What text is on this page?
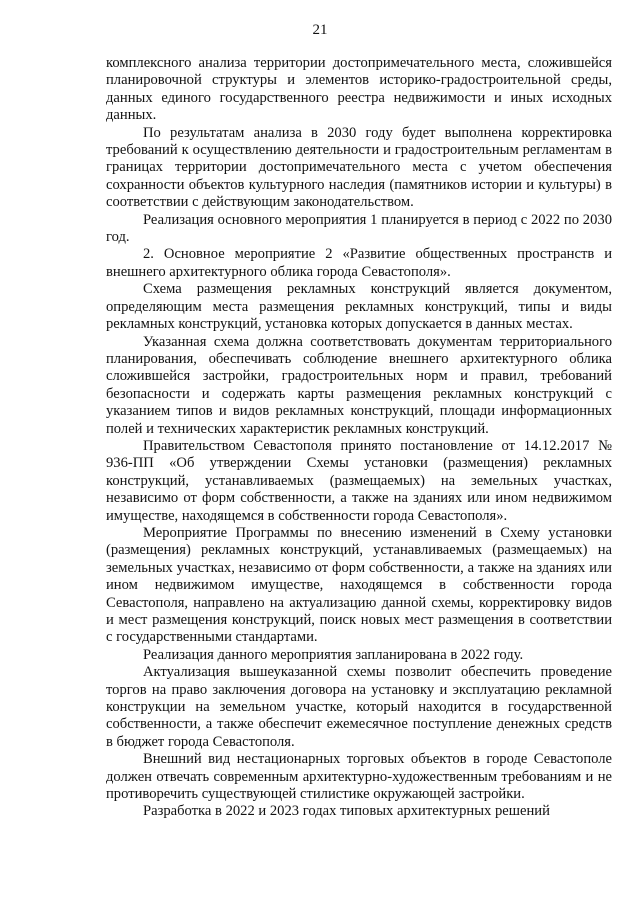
21

комплексного анализа территории достопримечательного места, сложившейся планировочной структуры и элементов историко-градостроительной среды, данных единого государственного реестра недвижимости и иных исходных данных.

По результатам анализа в 2030 году будет выполнена корректировка требований к осуществлению деятельности и градостроительным регламентам в границах территории достопримечательного места с учетом обеспечения сохранности объектов культурного наследия (памятников истории и культуры) в соответствии с действующим законодательством.

Реализация основного мероприятия 1 планируется в период с 2022 по 2030 год.

2. Основное мероприятие 2 «Развитие общественных пространств и внешнего архитектурного облика города Севастополя».

Схема размещения рекламных конструкций является документом, определяющим места размещения рекламных конструкций, типы и виды рекламных конструкций, установка которых допускается в данных местах.

Указанная схема должна соответствовать документам территориального планирования, обеспечивать соблюдение внешнего архитектурного облика сложившейся застройки, градостроительных норм и правил, требований безопасности и содержать карты размещения рекламных конструкций с указанием типов и видов рекламных конструкций, площади информационных полей и технических характеристик рекламных конструкций.

Правительством Севастополя принято постановление от 14.12.2017 № 936-ПП «Об утверждении Схемы установки (размещения) рекламных конструкций, устанавливаемых (размещаемых) на земельных участках, независимо от форм собственности, а также на зданиях или ином недвижимом имуществе, находящемся в собственности города Севастополя».

Мероприятие Программы по внесению изменений в Схему установки (размещения) рекламных конструкций, устанавливаемых (размещаемых) на земельных участках, независимо от форм собственности, а также на зданиях или ином недвижимом имуществе, находящемся в собственности города Севастополя, направлено на актуализацию данной схемы, корректировку видов и мест размещения конструкций, поиск новых мест размещения в соответствии с государственными стандартами.

Реализация данного мероприятия запланирована в 2022 году.

Актуализация вышеуказанной схемы позволит обеспечить проведение торгов на право заключения договора на установку и эксплуатацию рекламной конструкции на земельном участке, который находится в государственной собственности, а также обеспечит ежемесячное поступление денежных средств в бюджет города Севастополя.

Внешний вид нестационарных торговых объектов в городе Севастополе должен отвечать современным архитектурно-художественным требованиям и не противоречить существующей стилистике окружающей застройки.

Разработка в 2022 и 2023 годах типовых архитектурных решений
